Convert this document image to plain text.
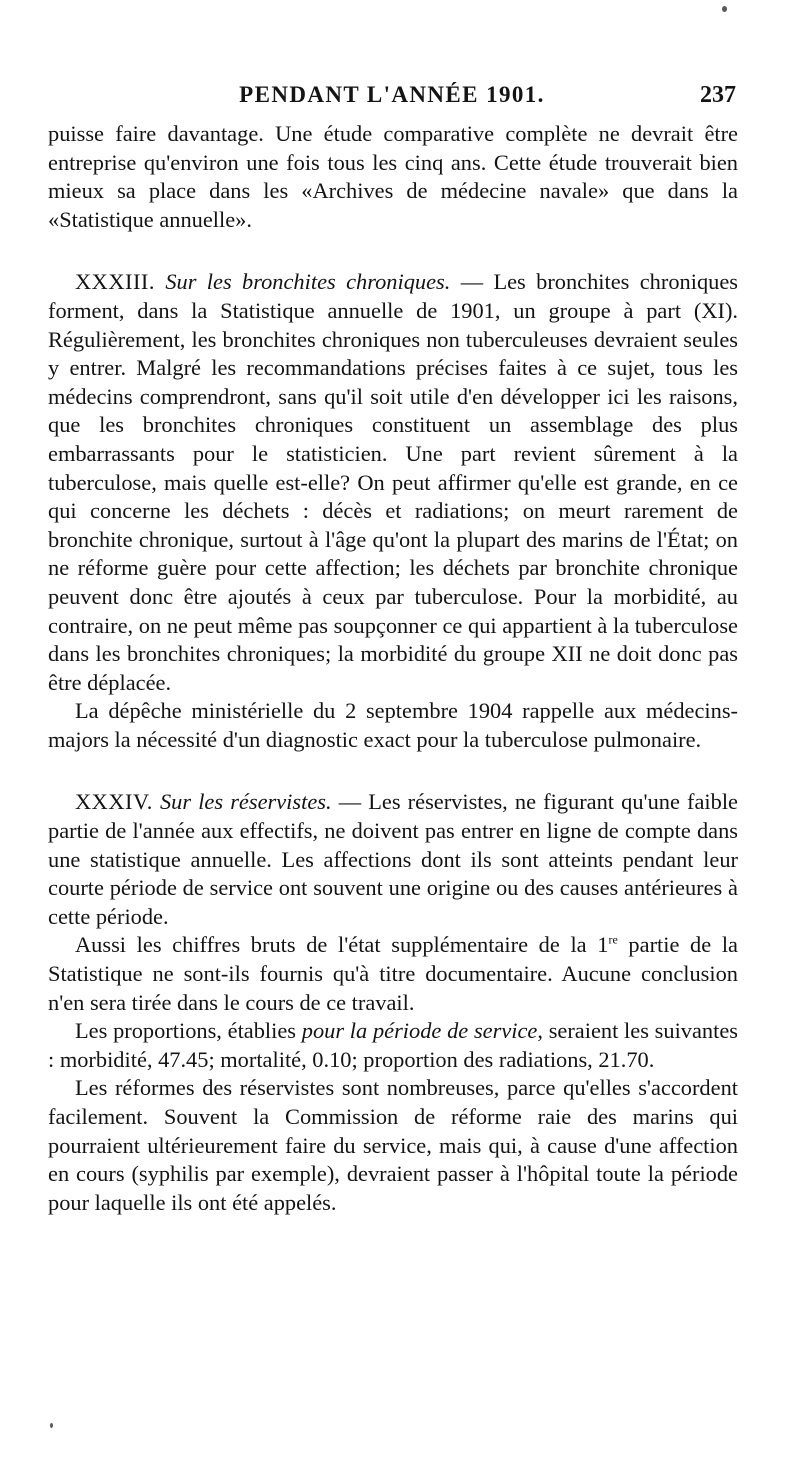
PENDANT L'ANNÉE 1901.	237

puisse faire davantage. Une étude comparative complète ne devrait être entreprise qu'environ une fois tous les cinq ans. Cette étude trouverait bien mieux sa place dans les «Archives de médecine navale» que dans la «Statistique annuelle».

XXXIII. Sur les bronchites chroniques. — Les bronchites chroniques forment, dans la Statistique annuelle de 1901, un groupe à part (XI). Régulièrement, les bronchites chroniques non tuberculeuses devraient seules y entrer. Malgré les recommandations précises faites à ce sujet, tous les médecins comprendront, sans qu'il soit utile d'en développer ici les raisons, que les bronchites chroniques constituent un assemblage des plus embarrassants pour le statisticien. Une part revient sûrement à la tuberculose, mais quelle est-elle? On peut affirmer qu'elle est grande, en ce qui concerne les déchets : décès et radiations; on meurt rarement de bronchite chronique, surtout à l'âge qu'ont la plupart des marins de l'État; on ne réforme guère pour cette affection; les déchets par bronchite chronique peuvent donc être ajoutés à ceux par tuberculose. Pour la morbidité, au contraire, on ne peut même pas soupçonner ce qui appartient à la tuberculose dans les bronchites chroniques; la morbidité du groupe XII ne doit donc pas être déplacée.

La dépêche ministérielle du 2 septembre 1904 rappelle aux médecins-majors la nécessité d'un diagnostic exact pour la tuberculose pulmonaire.

XXXIV. Sur les réservistes. — Les réservistes, ne figurant qu'une faible partie de l'année aux effectifs, ne doivent pas entrer en ligne de compte dans une statistique annuelle. Les affections dont ils sont atteints pendant leur courte période de service ont souvent une origine ou des causes antérieures à cette période.

Aussi les chiffres bruts de l'état supplémentaire de la 1re partie de la Statistique ne sont-ils fournis qu'à titre documentaire. Aucune conclusion n'en sera tirée dans le cours de ce travail.

Les proportions, établies pour la période de service, seraient les suivantes : morbidité, 47.45; mortalité, 0.10; proportion des radiations, 21.70.

Les réformes des réservistes sont nombreuses, parce qu'elles s'accordent facilement. Souvent la Commission de réforme raie des marins qui pourraient ultérieurement faire du service, mais qui, à cause d'une affection en cours (syphilis par exemple), devraient passer à l'hôpital toute la période pour laquelle ils ont été appelés.
